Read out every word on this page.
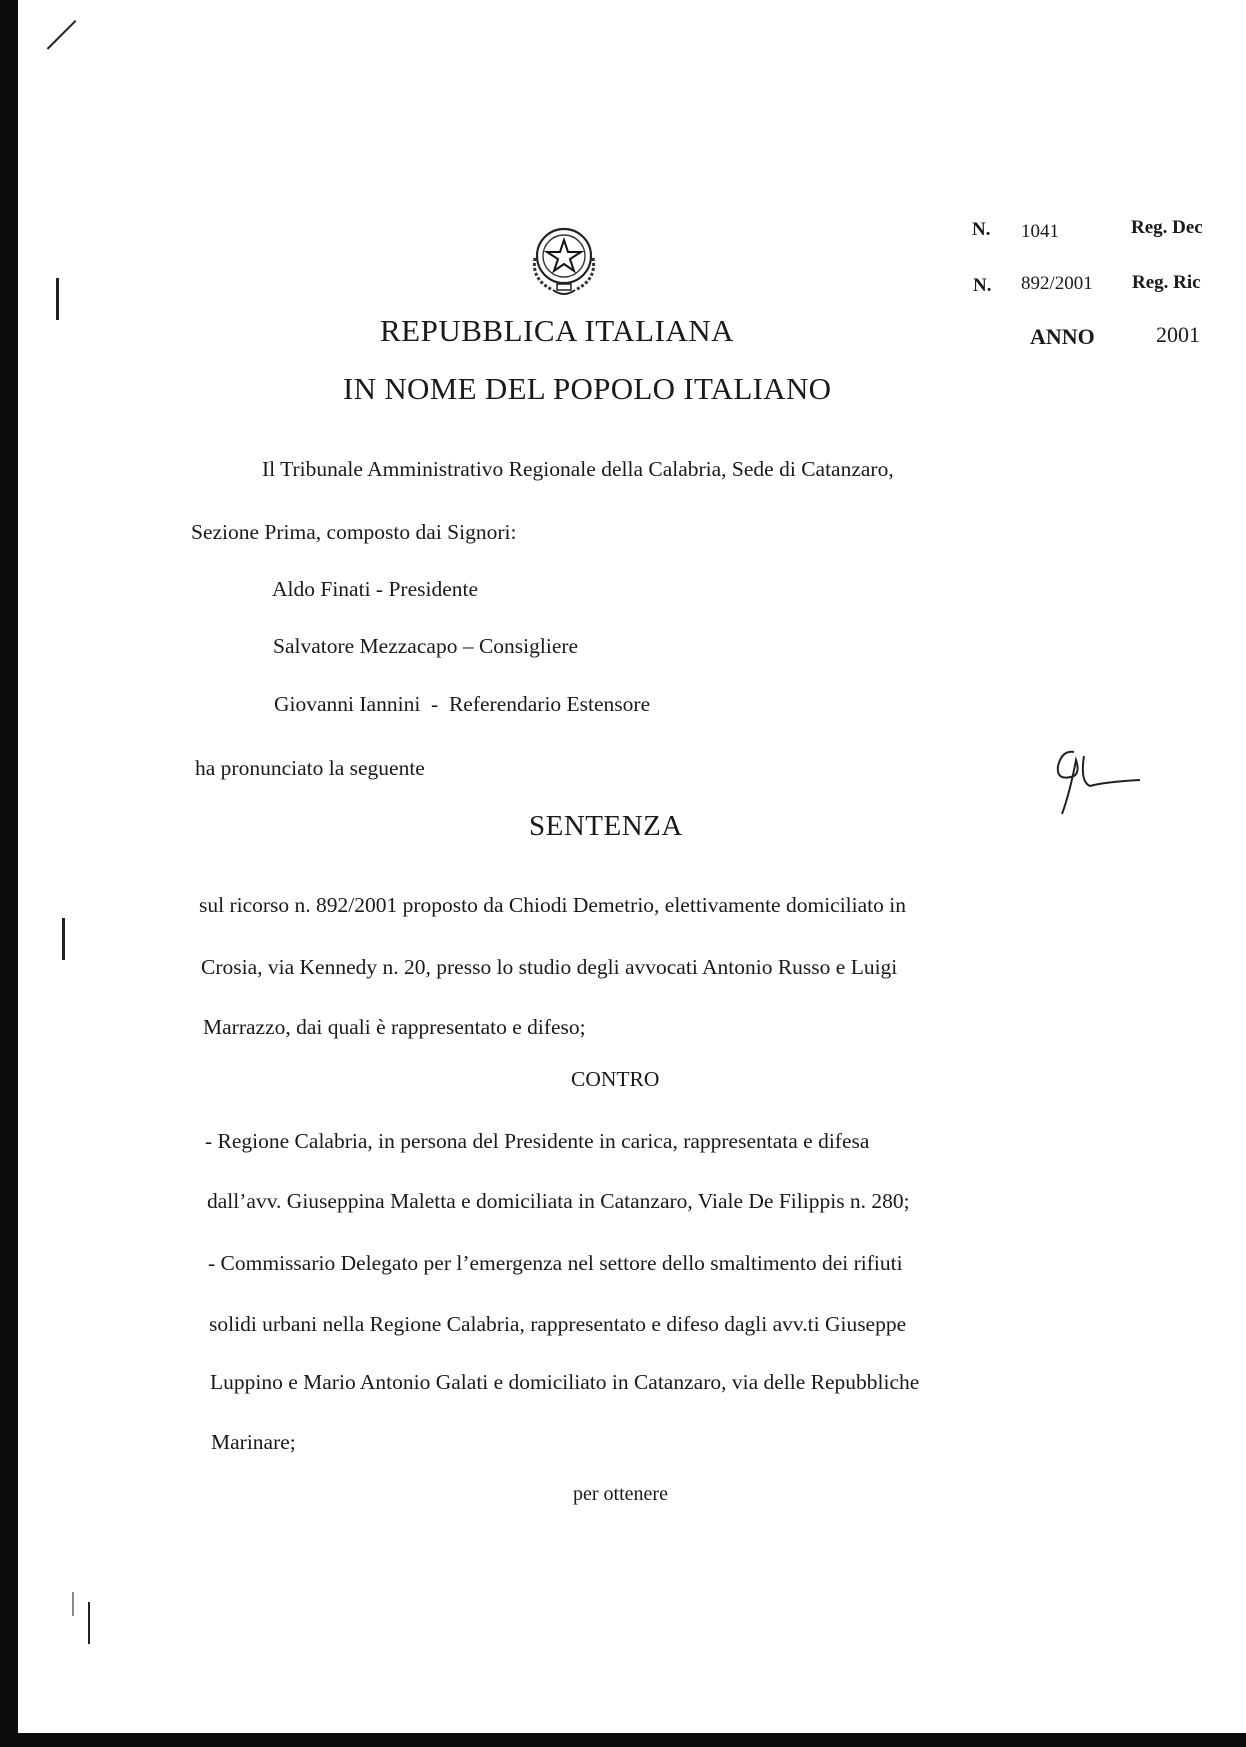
REPUBBLICA ITALIANA
IN NOME DEL POPOLO ITALIANO
N. 1041	Reg. Dec
N. 892/2001 Reg. Ric
ANNO	2001
Il Tribunale Amministrativo Regionale della Calabria, Sede di Catanzaro,
Sezione Prima, composto dai Signori:
Aldo Finati - Presidente
Salvatore Mezzacapo – Consigliere
Giovanni Iannini  -  Referendario Estensore
ha pronunciato la seguente
SENTENZA
sul ricorso n. 892/2001 proposto da Chiodi Demetrio, elettivamente domiciliato in
Crosia, via Kennedy n. 20, presso lo studio degli avvocati Antonio Russo e Luigi
Marrazzo, dai quali è rappresentato e difeso;
CONTRO
- Regione Calabria, in persona del Presidente in carica, rappresentata e difesa
dall’avv. Giuseppina Maletta e domiciliata in Catanzaro, Viale De Filippis n. 280;
- Commissario Delegato per l’emergenza nel settore dello smaltimento dei rifiuti
solidi urbani nella Regione Calabria, rappresentato e difeso dagli avv.ti Giuseppe
Luppino e Mario Antonio Galati e domiciliato in Catanzaro, via delle Repubbliche
Marinare;
per ottenere
